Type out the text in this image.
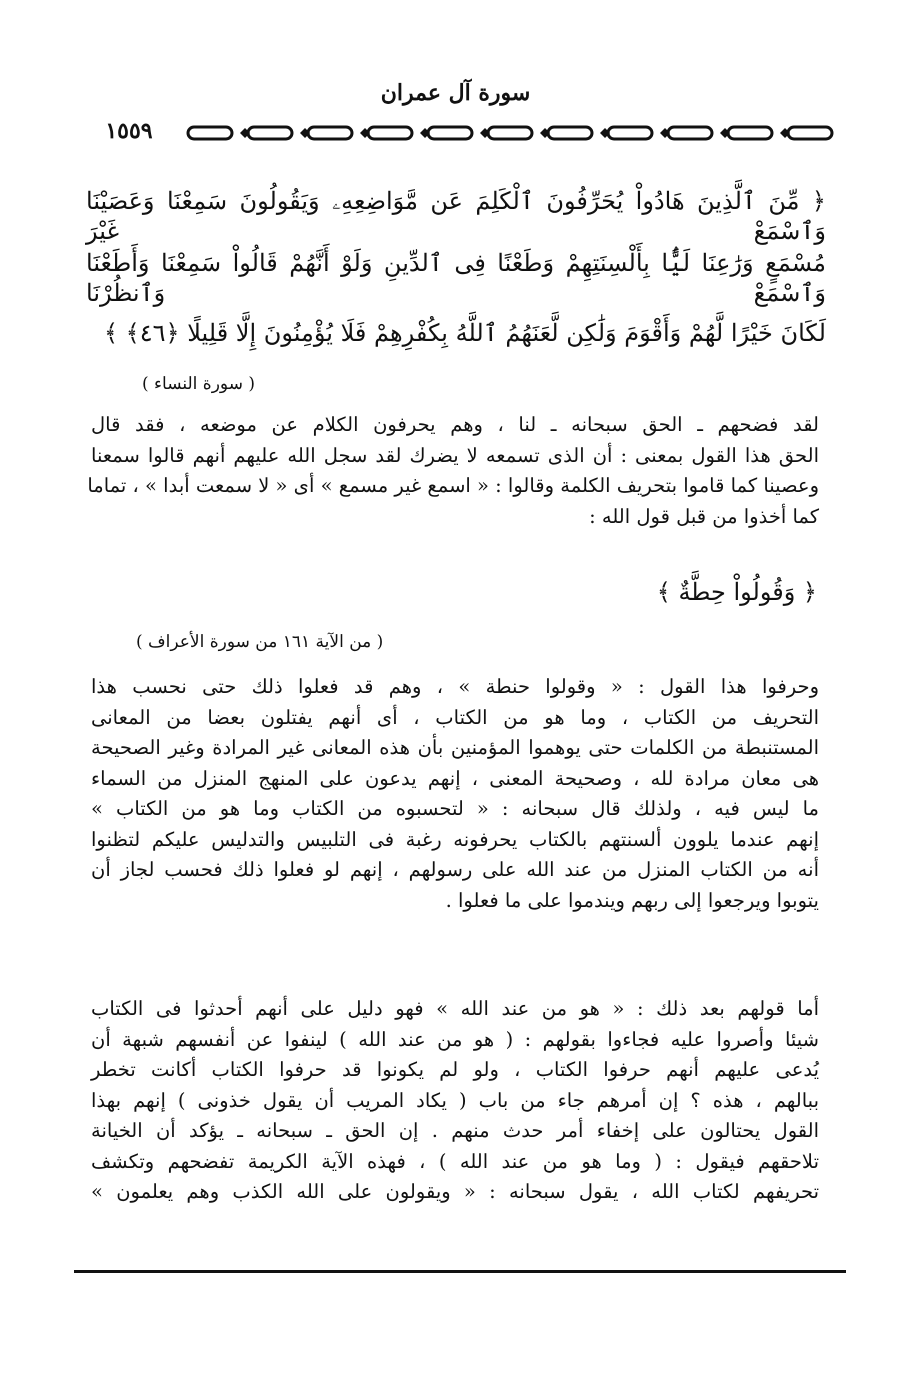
سورة آل عمران
١٥٥٩
﴿ مِّنَ ٱلَّذِينَ هَادُواْ يُحَرِّفُونَ ٱلْكَلِمَ عَن مَّوَاضِعِهِۦ وَيَقُولُونَ سَمِعْنَا وَعَصَيْنَا وَٱسْمَعْ غَيْرَ
مُسْمَعٍ وَرَٰعِنَا لَيًّۢا بِأَلْسِنَتِهِمْ وَطَعْنًا فِى ٱلدِّينِ وَلَوْ أَنَّهُمْ قَالُواْ سَمِعْنَا وَأَطَعْنَا وَٱسْمَعْ وَٱنظُرْنَا
لَكَانَ خَيْرًا لَّهُمْ وَأَقْوَمَ وَلَٰكِن لَّعَنَهُمُ ٱللَّهُ بِكُفْرِهِمْ فَلَا يُؤْمِنُونَ إِلَّا قَلِيلًا ﴿٤٦﴾ ﴾
( سورة النساء )
لقد فضحهم ـ الحق سبحانه ـ لنا ، وهم يحرفون الكلام عن موضعه ، فقد قال
الحق هذا القول بمعنى : أن الذى تسمعه لا يضرك لقد سجل الله عليهم أنهم قالوا سمعنا
وعصينا كما قاموا بتحريف الكلمة وقالوا : « اسمع غير مسمع » أى « لا سمعت أبدا » ، تماما
كما أخذوا من قبل قول الله :
﴿ وَقُولُواْ حِطَّةٌ ﴾
( من الآية ١٦١ من سورة الأعراف )
وحرفوا هذا القول : « وقولوا حنطة » ، وهم قد فعلوا ذلك حتى نحسب هذا
التحريف من الكتاب ، وما هو من الكتاب ، أى أنهم يفتلون بعضا من المعانى
المستنبطة من الكلمات حتى يوهموا المؤمنين بأن هذه المعانى غير المرادة وغير الصحيحة
هى معان مرادة لله ، وصحيحة المعنى ، إنهم يدعون على المنهج المنزل من السماء
ما ليس فيه ، ولذلك قال سبحانه : « لتحسبوه من الكتاب وما هو من الكتاب »
إنهم عندما يلوون ألسنتهم بالكتاب يحرفونه رغبة فى التلبيس والتدليس عليكم لتظنوا
أنه من الكتاب المنزل من عند الله على رسولهم ، إنهم لو فعلوا ذلك فحسب لجاز أن
يتوبوا ويرجعوا إلى ربهم ويندموا على ما فعلوا .
أما قولهم بعد ذلك : « هو من عند الله » فهو دليل على أنهم أحدثوا فى الكتاب
شيئا وأصروا عليه فجاءوا بقولهم : ( هو من عند الله ) لينفوا عن أنفسهم شبهة أن
يُدعى عليهم أنهم حرفوا الكتاب ، ولو لم يكونوا قد حرفوا الكتاب أكانت تخطر
ببالهم ، هذه ؟ إن أمرهم جاء من باب ( يكاد المريب أن يقول خذونى ) إنهم بهذا
القول يحتالون على إخفاء أمر حدث منهم . إن الحق ـ سبحانه ـ يؤكد أن الخيانة
تلاحقهم فيقول : ( وما هو من عند الله ) ، فهذه الآية الكريمة تفضحهم وتكشف
تحريفهم لكتاب الله ، يقول سبحانه : « ويقولون على الله الكذب وهم يعلمون »
